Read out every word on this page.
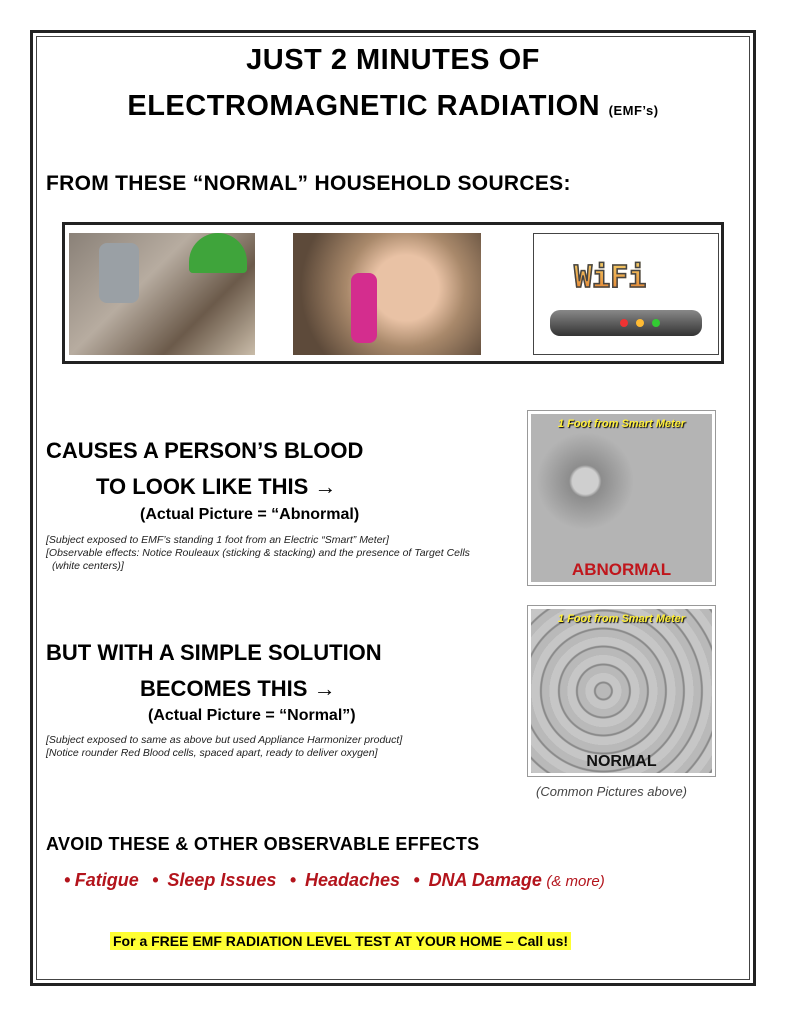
JUST 2 MINUTES OF
ELECTROMAGNETIC RADIATION (EMF’s)
FROM THESE “NORMAL” HOUSEHOLD SOURCES:
WiFi
CAUSES A PERSON’S BLOOD
TO LOOK LIKE THIS →
(Actual Picture = “Abnormal)
[Subject exposed to EMF’s standing 1 foot from an Electric “Smart” Meter]
[Observable effects: Notice Rouleaux (sticking & stacking) and the presence of Target Cells
(white centers)]
1 Foot from Smart Meter
ABNORMAL
BUT WITH A SIMPLE SOLUTION
BECOMES THIS →
(Actual Picture = “Normal”)
[Subject exposed to same as above but used Appliance Harmonizer product]
[Notice rounder Red Blood cells, spaced apart, ready to deliver oxygen]
1 Foot from Smart Meter
NORMAL
(Common Pictures above)
AVOID THESE & OTHER OBSERVABLE EFFECTS
• Fatigue • Sleep Issues • Headaches • DNA Damage (& more)
For a FREE EMF RADIATION LEVEL TEST AT YOUR HOME – Call us!
